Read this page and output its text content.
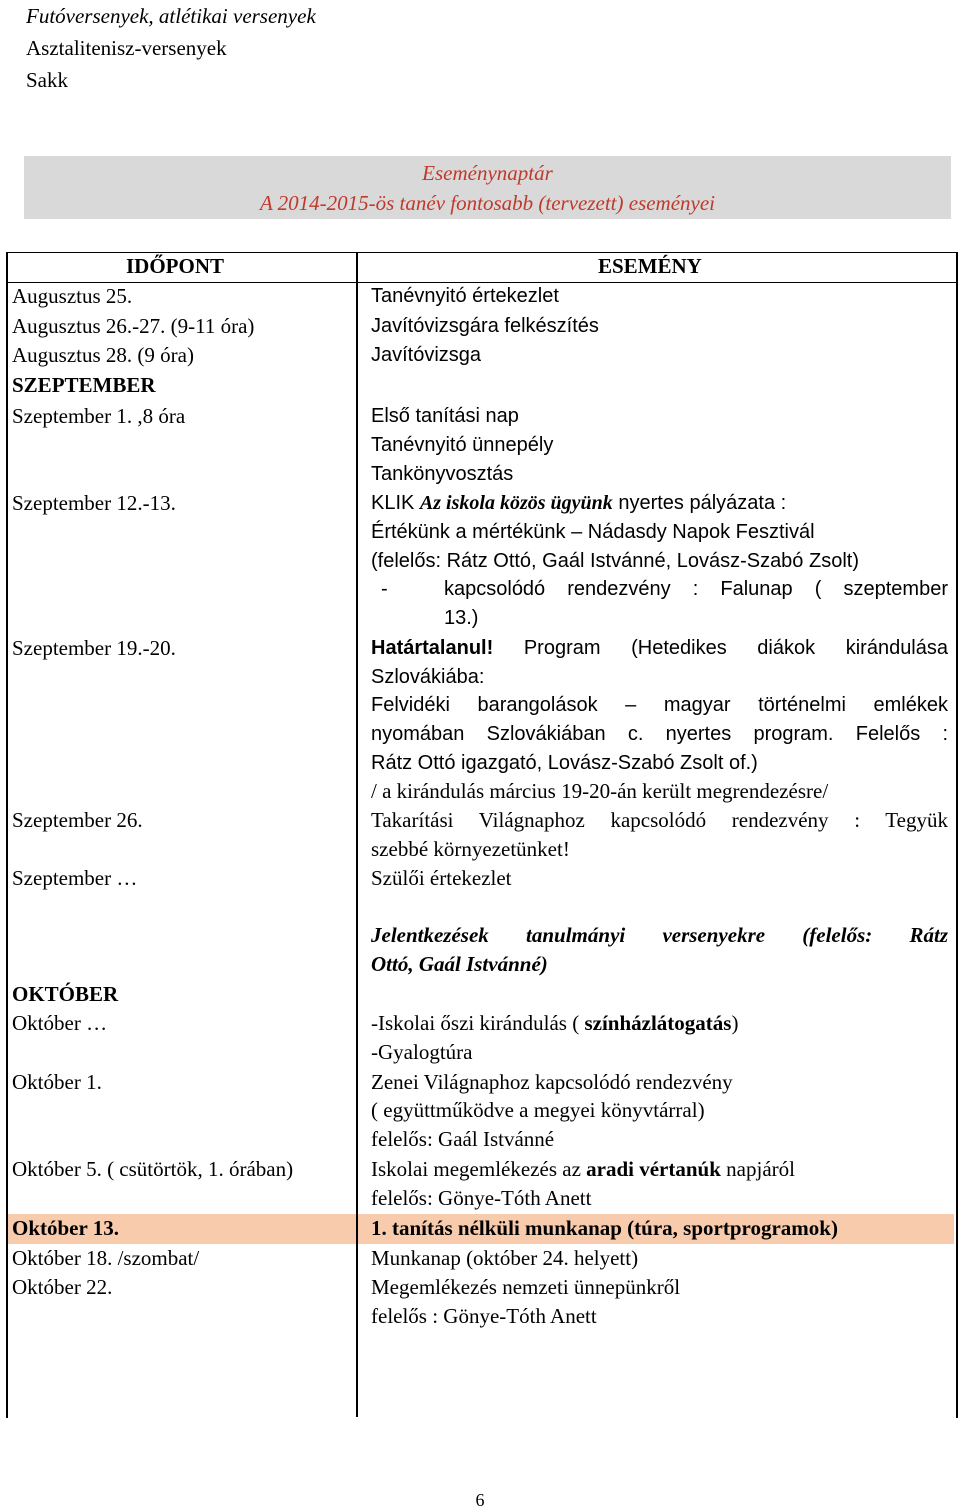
Futóversenyek, atlétikai versenyek
Asztalitenisz-versenyek
Sakk
Eseménynaptár
A 2014-2015-ös tanév fontosabb (tervezett) eseményei
IDŐPONT	ESEMÉNY
Augusztus 25.	Tanévnyitó értekezlet
Augusztus 26.-27. (9-11 óra)	Javítóvizsgára felkészítés
Augusztus 28. (9 óra)	Javítóvizsga
SZEPTEMBER
Szeptember 1. ,8 óra	Első tanítási nap
Tanévnyitó ünnepély
Tankönyvosztás
Szeptember 12.-13.	KLIK Az iskola közös ügyünk nyertes pályázata :
Értékünk a mértékünk – Nádasdy Napok Fesztivál
(felelős: Rátz Ottó, Gaál Istvánné, Lovász-Szabó Zsolt)
-	kapcsolódó rendezvény : Falunap ( szeptember
13.)
Szeptember 19.-20.	Határtalanul! Program (Hetedikes diákok kirándulása
Szlovákiába:
Felvidéki barangolások – magyar történelmi emlékek
nyomában Szlovákiában c. nyertes program. Felelős :
Rátz Ottó igazgató, Lovász-Szabó Zsolt of.)
/ a kirándulás március 19-20-án került megrendezésre/
Szeptember 26.	Takarítási Világnaphoz kapcsolódó rendezvény : Tegyük
szebbé környezetünket!
Szeptember …	Szülői értekezlet
Jelentkezések tanulmányi versenyekre (felelős: Rátz
Ottó, Gaál Istvánné)
OKTÓBER
Október …	-Iskolai őszi kirándulás ( színházlátogatás)
-Gyalogtúra
Október 1.	Zenei Világnaphoz kapcsolódó rendezvény
( együttműködve a megyei könyvtárral)
felelős: Gaál Istvánné
Október 5. ( csütörtök, 1. órában)	Iskolai megemlékezés az aradi vértanúk napjáról
felelős: Gönye-Tóth Anett
Október 13.	1. tanítás nélküli munkanap (túra, sportprogramok)
Október 18. /szombat/	Munkanap (október 24. helyett)
Október 22.	Megemlékezés nemzeti ünnepünkről
felelős : Gönye-Tóth Anett
6
